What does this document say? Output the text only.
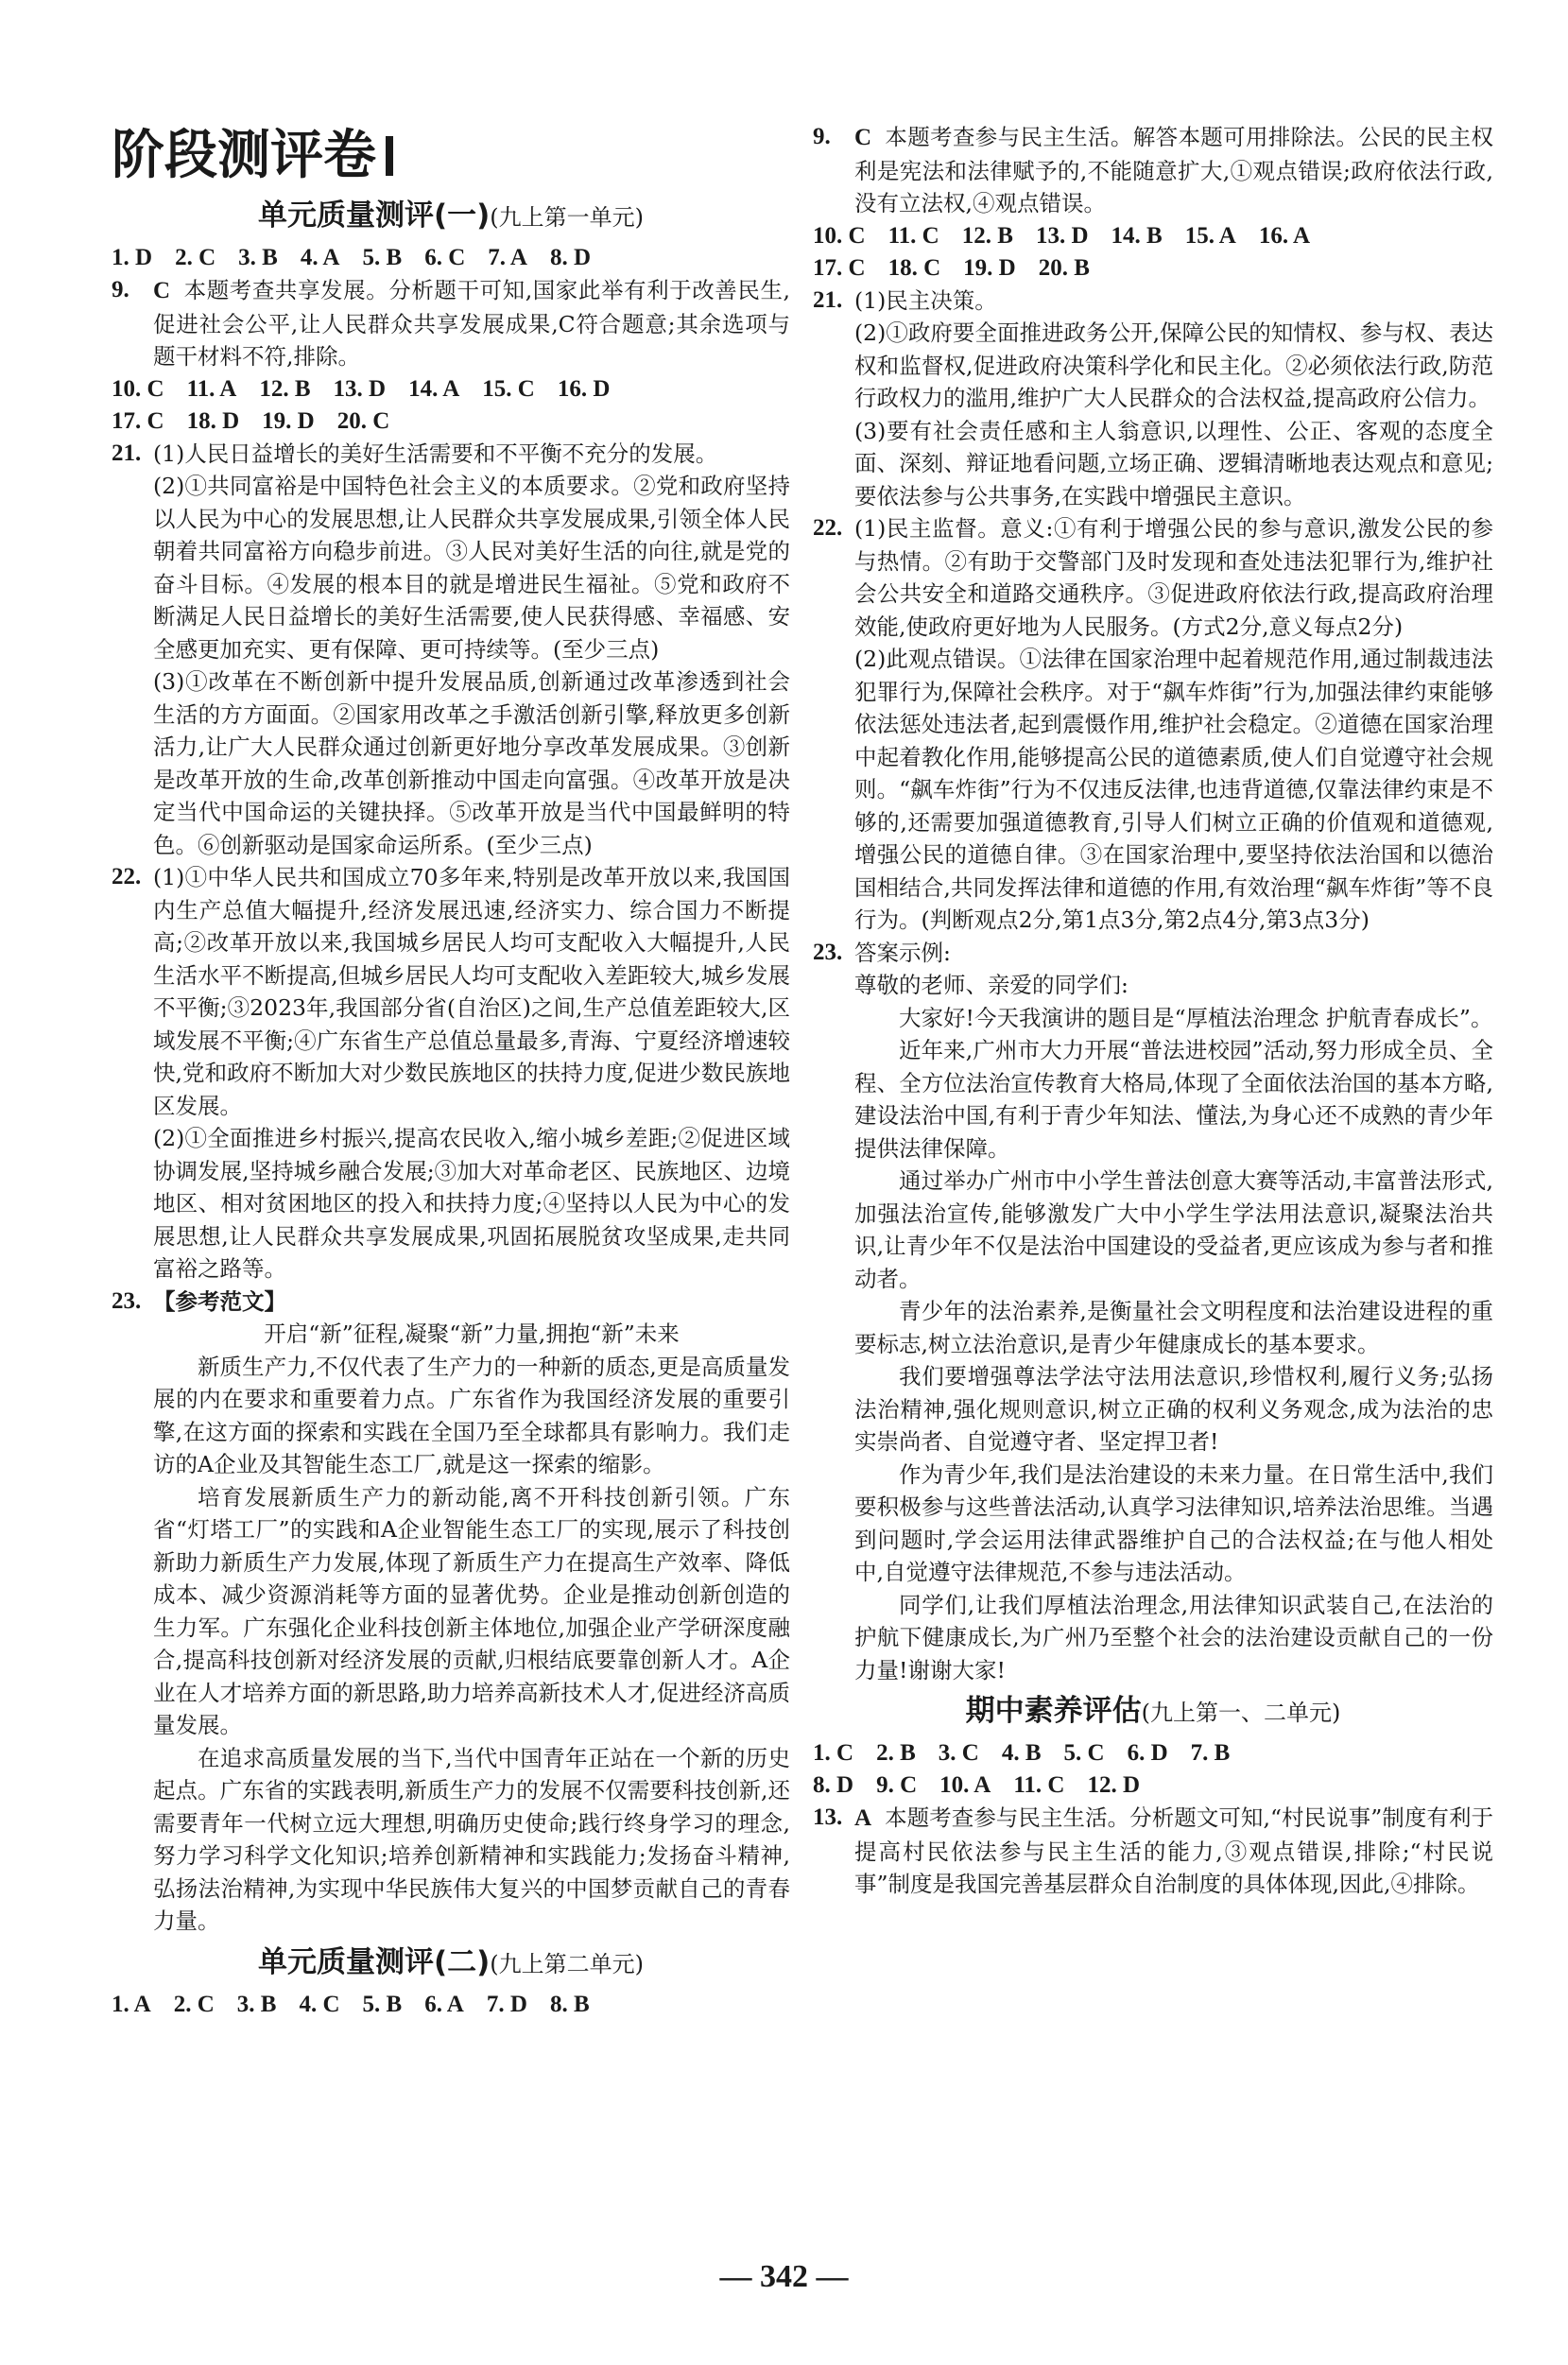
阶段测评卷
单元质量测评(一)(九上第一单元)
1. D 2. C 3. B 4. A 5. B 6. C 7. A 8. D
9.	C 本题考查共享发展。分析题干可知,国家此举有利于改善民生,促进社会公平,让人民群众共享发展成果,C符合题意;其余选项与题干材料不符,排除。
10. C 11. A 12. B 13. D 14. A 15. C 16. D
17. C 18. D 19. D 20. C
21. (1)人民日益增长的美好生活需要和不平衡不充分的发展。

(2)①共同富裕是中国特色社会主义的本质要求。②党和政府坚持以人民为中心的发展思想,让人民群众共享发展成果,引领全体人民朝着共同富裕方向稳步前进。③人民对美好生活的向往,就是党的奋斗目标。④发展的根本目的就是增进民生福祉。⑤党和政府不断满足人民日益增长的美好生活需要,使人民获得感、幸福感、安全感更加充实、更有保障、更可持续等。(至少三点)

(3)①改革在不断创新中提升发展品质,创新通过改革渗透到社会生活的方方面面。②国家用改革之手激活创新引擎,释放更多创新活力,让广大人民群众通过创新更好地分享改革发展成果。③创新是改革开放的生命,改革创新推动中国走向富强。④改革开放是决定当代中国命运的关键抉择。⑤改革开放是当代中国最鲜明的特色。⑥创新驱动是国家命运所系。(至少三点)

22. (1)①中华人民共和国成立70多年来,特别是改革开放以来,我国国内生产总值大幅提升,经济发展迅速,经济实力、综合国力不断提高;②改革开放以来,我国城乡居民人均可支配收入大幅提升,人民生活水平不断提高,但城乡居民人均可支配收入差距较大,城乡发展不平衡;③2023年,我国部分省(自治区)之间,生产总值差距较大,区域发展不平衡;④广东省生产总值总量最多,青海、宁夏经济增速较快,党和政府不断加大对少数民族地区的扶持力度,促进少数民族地区发展。

(2)①全面推进乡村振兴,提高农民收入,缩小城乡差距;②促进区域协调发展,坚持城乡融合发展;③加大对革命老区、民族地区、边境地区、相对贫困地区的投入和扶持力度;④坚持以人民为中心的发展思想,让人民群众共享发展成果,巩固拓展脱贫攻坚成果,走共同富裕之路等。

23. 【参考范文】

开启“新”征程,凝聚“新”力量,拥抱“新”未来

新质生产力,不仅代表了生产力的一种新的质态,更是高质量发展的内在要求和重要着力点。广东省作为我国经济发展的重要引擎,在这方面的探索和实践在全国乃至全球都具有影响力。我们走访的A企业及其智能生态工厂,就是这一探索的缩影。

培育发展新质生产力的新动能,离不开科技创新引领。广东省“灯塔工厂”的实践和A企业智能生态工厂的实现,展示了科技创新助力新质生产力发展,体现了新质生产力在提高生产效率、降低成本、减少资源消耗等方面的显著优势。企业是推动创新创造的生力军。广东强化企业科技创新主体地位,加强企业产学研深度融合,提高科技创新对经济发展的贡献,归根结底要靠创新人才。A企业在人才培养方面的新思路,助力培养高新技术人才,促进经济高质量发展。

在追求高质量发展的当下,当代中国青年正站在一个新的历史起点。广东省的实践表明,新质生产力的发展不仅需要科技创新,还需要青年一代树立远大理想,明确历史使命;践行终身学习的理念,努力学习科学文化知识;培养创新精神和实践能力;发扬奋斗精神,弘扬法治精神,为实现中华民族伟大复兴的中国梦贡献自己的青春力量。

单元质量测评(二)(九上第二单元)
1. A 2. C 3. B 4. C 5. B 6. A 7. D 8. B
9.	C 本题考查参与民主生活。解答本题可用排除法。公民的民主权利是宪法和法律赋予的,不能随意扩大,①观点错误;政府依法行政,没有立法权,④观点错误。
10. C 11. C 12. B 13. D 14. B 15. A 16. A
17. C 18. C 19. D 20. B
21. (1)民主决策。

(2)①政府要全面推进政务公开,保障公民的知情权、参与权、表达权和监督权,促进政府决策科学化和民主化。②必须依法行政,防范行政权力的滥用,维护广大人民群众的合法权益,提高政府公信力。

(3)要有社会责任感和主人翁意识,以理性、公正、客观的态度全面、深刻、辩证地看问题,立场正确、逻辑清晰地表达观点和意见;要依法参与公共事务,在实践中增强民主意识。

22. (1)民主监督。意义:①有利于增强公民的参与意识,激发公民的参与热情。②有助于交警部门及时发现和查处违法犯罪行为,维护社会公共安全和道路交通秩序。③促进政府依法行政,提高政府治理效能,使政府更好地为人民服务。(方式2分,意义每点2分)

(2)此观点错误。①法律在国家治理中起着规范作用,通过制裁违法犯罪行为,保障社会秩序。对于“飙车炸街”行为,加强法律约束能够依法惩处违法者,起到震慑作用,维护社会稳定。②道德在国家治理中起着教化作用,能够提高公民的道德素质,使人们自觉遵守社会规则。“飙车炸街”行为不仅违反法律,也违背道德,仅靠法律约束是不够的,还需要加强道德教育,引导人们树立正确的价值观和道德观,增强公民的道德自律。③在国家治理中,要坚持依法治国和以德治国相结合,共同发挥法律和道德的作用,有效治理“飙车炸街”等不良行为。(判断观点2分,第1点3分,第2点4分,第3点3分)

23. 答案示例:

尊敬的老师、亲爱的同学们:

大家好!今天我演讲的题目是“厚植法治理念 护航青春成长”。

近年来,广州市大力开展“普法进校园”活动,努力形成全员、全程、全方位法治宣传教育大格局,体现了全面依法治国的基本方略,建设法治中国,有利于青少年知法、懂法,为身心还不成熟的青少年提供法律保障。

通过举办广州市中小学生普法创意大赛等活动,丰富普法形式,加强法治宣传,能够激发广大中小学生学法用法意识,凝聚法治共识,让青少年不仅是法治中国建设的受益者,更应该成为参与者和推动者。

青少年的法治素养,是衡量社会文明程度和法治建设进程的重要标志,树立法治意识,是青少年健康成长的基本要求。

我们要增强尊法学法守法用法意识,珍惜权利,履行义务;弘扬法治精神,强化规则意识,树立正确的权利义务观念,成为法治的忠实崇尚者、自觉遵守者、坚定捍卫者!

作为青少年,我们是法治建设的未来力量。在日常生活中,我们要积极参与这些普法活动,认真学习法律知识,培养法治思维。当遇到问题时,学会运用法律武器维护自己的合法权益;在与他人相处中,自觉遵守法律规范,不参与违法活动。

同学们,让我们厚植法治理念,用法律知识武装自己,在法治的护航下健康成长,为广州乃至整个社会的法治建设贡献自己的一份力量!谢谢大家!

期中素养评估(九上第一、二单元)
1. C 2. B 3. C 4. B 5. C 6. D 7. B
8. D 9. C 10. A 11. C 12. D
13. A 本题考查参与民主生活。分析题文可知,“村民说事”制度有利于提高村民依法参与民主生活的能力,③观点错误,排除;“村民说事”制度是我国完善基层群众自治制度的具体体现,因此,④排除。
— 342 —
